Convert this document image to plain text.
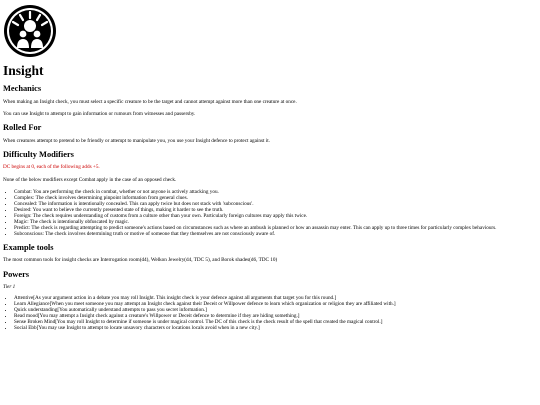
Insight
Mechanics

When making an Insight check, you must select a specific creature to be the target and cannot attempt against more than one creature at once.

You can use Insight to attempt to gain information or rumours from witnesses and passersby.

Rolled For

When creatures attempt to pretend to be friendly or attempt to manipulate you, you use your Insight defence to protect against it.

Difficulty Modifiers

DC begins at 0, each of the following adds +5.

None of the below modifiers except Combat apply in the case of an opposed check.

• Combat: You are performing the check in combat, whether or not anyone is actively attacking you.
• Complex: The check involves determining pinpoint information from general clues.
• Concealed: The information is intentionally concealed. This can apply twice but does not stack with 'subconscious'.
• Desired: You want to believe the currently presented state of things, making it harder to see the truth.
• Foreign: The check requires understanding of customs from a culture other than your own. Particularly foreign cultures may apply this twice.
• Magic: The check is intentionally obfuscated by magic.
• Predict: The check is regarding attempting to predict someone's actions based on circumstances such as where an ambush is planned or how an assassin may enter. This can apply up to three times for particularly complex behaviours.
• Subconscious: The check involves determining truth or motive of someone that they themselves are not consciously aware of.
Example tools

The most common tools for insight checks are Interrogation room(d4), Welkon Jewelry(d4, TDC 5), and Borok shades(d6, TDC 10)

Powers

Tier 1

• Attentive[As your argument action in a debate you may roll Insight. This insight check is your defence against all arguments that target you for this round.]
• Learn Allegiance[When you meet someone you may attempt an Insight check against their Deceit or Willpower defence to learn which organization or religion they are affiliated with.]
• Quick understanding[You automatically understand attempts to pass you secret information.]
• Read mood[You may attempt a Insight check against a creature's Willpower or Deceit defence to determine if they are hiding something.]
• Sense Broken Mind[You may roll Insight to determine if someone is under magical control. The DC of this check is the check result of the spell that created the magical control.]
• Social Ebb[You may use Insight to attempt to locate unsavory characters or locations locals avoid when in a new city.]
